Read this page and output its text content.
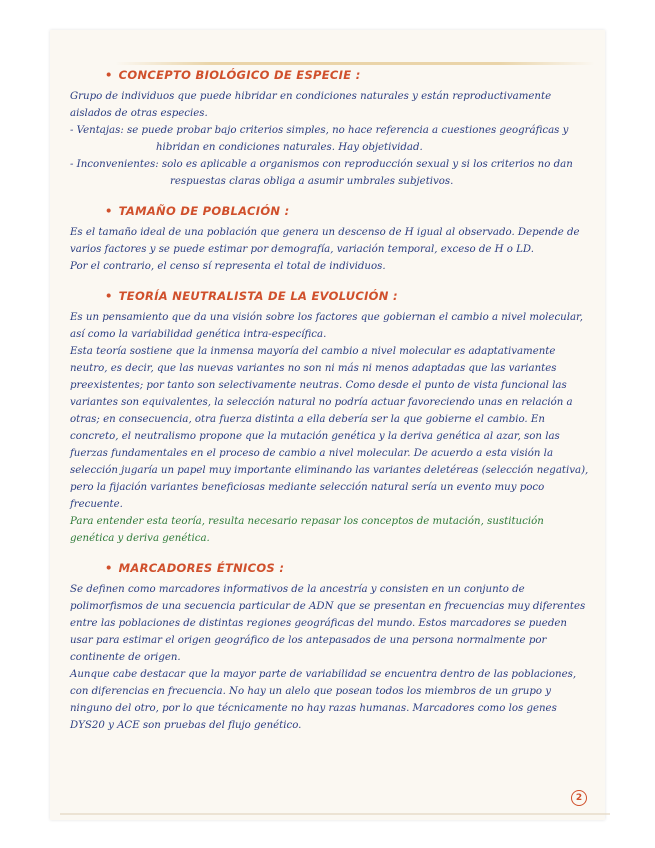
• CONCEPTO BIOLÓGICO DE ESPECIE :

Grupo de individuos que puede hibridar en condiciones naturales y están reproductivamente aislados de otras especies.

- Ventajas: se puede probar bajo criterios simples, no hace referencia a cuestiones geográficas y hibridan en condiciones naturales. Hay objetividad.

- Inconvenientes: solo es aplicable a organismos con reproducción sexual y si los criterios no dan respuestas claras obliga a asumir umbrales subjetivos.

• TAMAÑO DE POBLACIÓN :

Es el tamaño ideal de una población que genera un descenso de H igual al observado. Depende de varios factores y se puede estimar por demografía, variación temporal, exceso de H o LD.

Por el contrario, el censo sí representa el total de individuos.

• TEORÍA NEUTRALISTA DE LA EVOLUCIÓN :

Es un pensamiento que da una visión sobre los factores que gobiernan el cambio a nivel molecular, así como la variabilidad genética intra-específica.

Esta teoría sostiene que la inmensa mayoría del cambio a nivel molecular es adaptativamente neutro, es decir, que las nuevas variantes no son ni más ni menos adaptadas que las variantes preexistentes; por tanto son selectivamente neutras. Como desde el punto de vista funcional las variantes son equivalentes, la selección natural no podría actuar favoreciendo unas en relación a otras; en consecuencia, otra fuerza distinta a ella debería ser la que gobierne el cambio. En concreto, el neutralismo propone que la mutación genética y la deriva genética al azar, son las fuerzas fundamentales en el proceso de cambio a nivel molecular. De acuerdo a esta visión la selección jugaría un papel muy importante eliminando las variantes deletéreas (selección negativa), pero la fijación variantes beneficiosas mediante selección natural sería un evento muy poco frecuente.

Para entender esta teoría, resulta necesario repasar los conceptos de mutación, sustitución genética y deriva genética.

• MARCADORES ÉTNICOS :

Se definen como marcadores informativos de la ancestría y consisten en un conjunto de polimorfismos de una secuencia particular de ADN que se presentan en frecuencias muy diferentes entre las poblaciones de distintas regiones geográficas del mundo. Estos marcadores se pueden usar para estimar el origen geográfico de los antepasados de una persona normalmente por continente de origen.

Aunque cabe destacar que la mayor parte de variabilidad se encuentra dentro de las poblaciones, con diferencias en frecuencia. No hay un alelo que posean todos los miembros de un grupo y ninguno del otro, por lo que técnicamente no hay razas humanas. Marcadores como los genes DYS20 y ACE son pruebas del flujo genético.

2
